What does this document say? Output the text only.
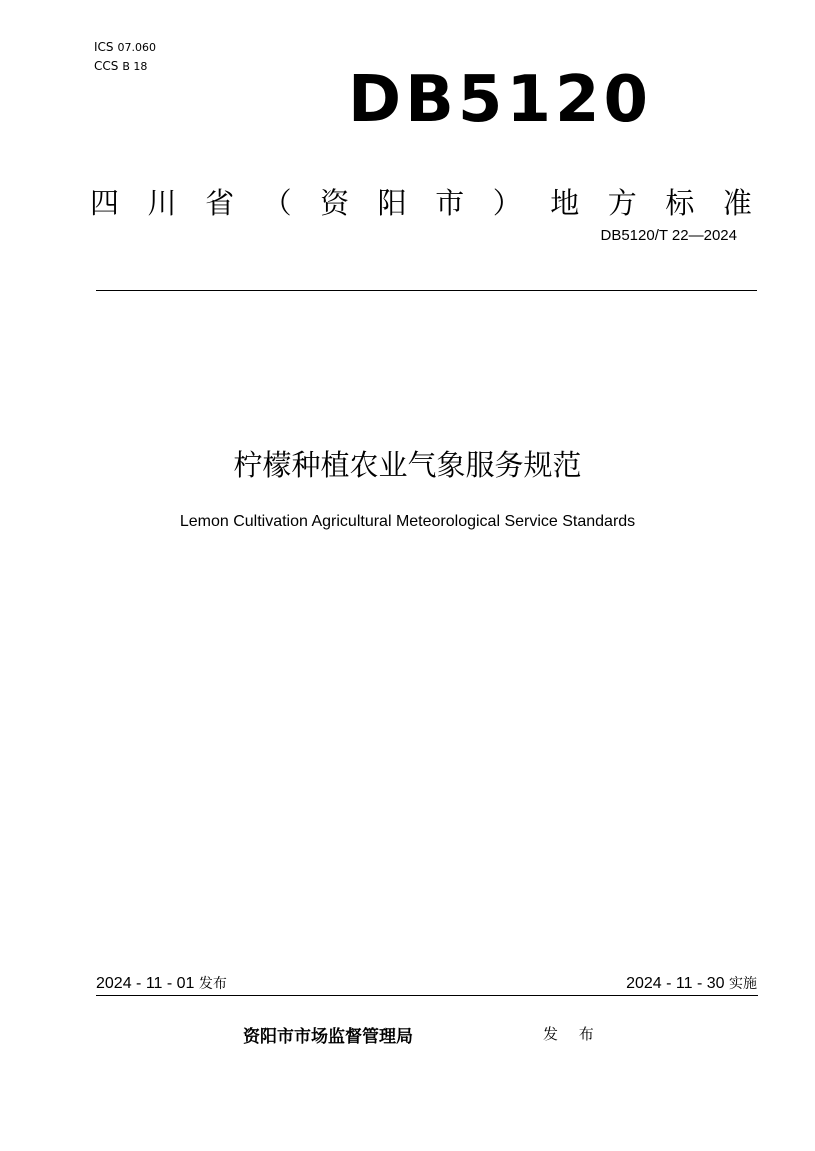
ICS 07.060
CCS B 18	DB5120
四 川 省 （ 资 阳 市 ） 地 方 标 准
DB5120/T 22—2024
柠檬种植农业气象服务规范
Lemon Cultivation Agricultural Meteorological Service Standards
2024 - 11 - 01 发布	2024 - 11 - 30 实施
资阳市市场监督管理局	发 布
